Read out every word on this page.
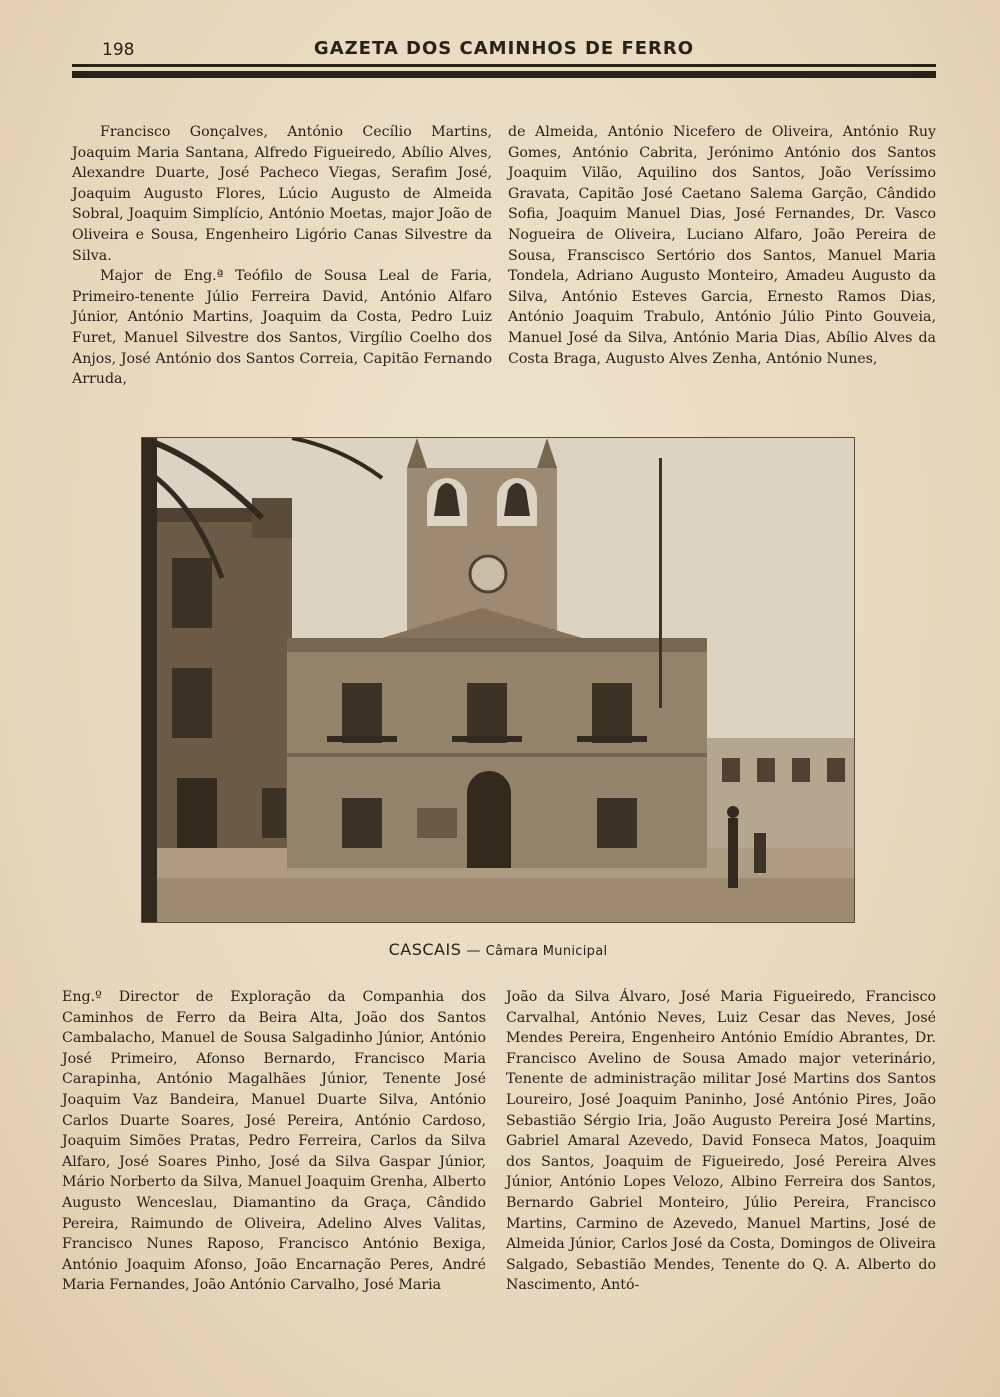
198	GAZETA DOS CAMINHOS DE FERRO

Francisco Gonçalves, António Cecílio Martins, Joaquim Maria Santana, Alfredo Figueiredo, Abílio Alves, Alexandre Duarte, José Pacheco Viegas, Serafim José, Joaquim Augusto Flores, Lúcio Augusto de Almeida Sobral, Joaquim Simplício, António Moetas, major João de Oliveira e Sousa, Engenheiro Ligório Canas Silvestre da Silva.

Major de Eng.ª Teófilo de Sousa Leal de Faria, Primeiro-tenente Júlio Ferreira David, António Alfaro Júnior, António Martins, Joaquim da Costa, Pedro Luiz Furet, Manuel Silvestre dos Santos, Virgílio Coelho dos Anjos, José António dos Santos Correia, Capitão Fernando Arruda,

de Almeida, António Nicefero de Oliveira, António Ruy Gomes, António Cabrita, Jerónimo António dos Santos Joaquim Vilão, Aquilino dos Santos, João Veríssimo Gravata, Capitão José Caetano Salema Garção, Cândido Sofia, Joaquim Manuel Dias, José Fernandes, Dr. Vasco Nogueira de Oliveira, Luciano Alfaro, João Pereira de Sousa, Franscisco Sertório dos Santos, Manuel Maria Tondela, Adriano Augusto Monteiro, Amadeu Augusto da Silva, António Esteves Garcia, Ernesto Ramos Dias, António Joaquim Trabulo, António Júlio Pinto Gouveia, Manuel José da Silva, António Maria Dias, Abílio Alves da Costa Braga, Augusto Alves Zenha, António Nunes,

CASCAIS — Câmara Municipal

Eng.º Director de Exploração da Companhia dos Caminhos de Ferro da Beira Alta, João dos Santos Cambalacho, Manuel de Sousa Salgadinho Júnior, António José Primeiro, Afonso Bernardo, Francisco Maria Carapinha, António Magalhães Júnior, Tenente José Joaquim Vaz Bandeira, Manuel Duarte Silva, António Carlos Duarte Soares, José Pereira, António Cardoso, Joaquim Simões Pratas, Pedro Ferreira, Carlos da Silva Alfaro, José Soares Pinho, José da Silva Gaspar Júnior, Mário Norberto da Silva, Manuel Joaquim Grenha, Alberto Augusto Wenceslau, Diamantino da Graça, Cândido Pereira, Raimundo de Oliveira, Adelino Alves Valitas, Francisco Nunes Raposo, Francisco António Bexiga, António Joaquim Afonso, João Encarnação Peres, André Maria Fernandes, João António Carvalho, José Maria

João da Silva Álvaro, José Maria Figueiredo, Francisco Carvalhal, António Neves, Luiz Cesar das Neves, José Mendes Pereira, Engenheiro António Emídio Abrantes, Dr. Francisco Avelino de Sousa Amado major veterinário, Tenente de administração militar José Martins dos Santos Loureiro, José Joaquim Paninho, José António Pires, João Sebastião Sérgio Iria, João Augusto Pereira José Martins, Gabriel Amaral Azevedo, David Fonseca Matos, Joaquim dos Santos, Joaquim de Figueiredo, José Pereira Alves Júnior, António Lopes Velozo, Albino Ferreira dos Santos, Bernardo Gabriel Monteiro, Júlio Pereira, Francisco Martins, Carmino de Azevedo, Manuel Martins, José de Almeida Júnior, Carlos José da Costa, Domingos de Oliveira Salgado, Sebastião Mendes, Tenente do Q. A. Alberto do Nascimento, Antó-
